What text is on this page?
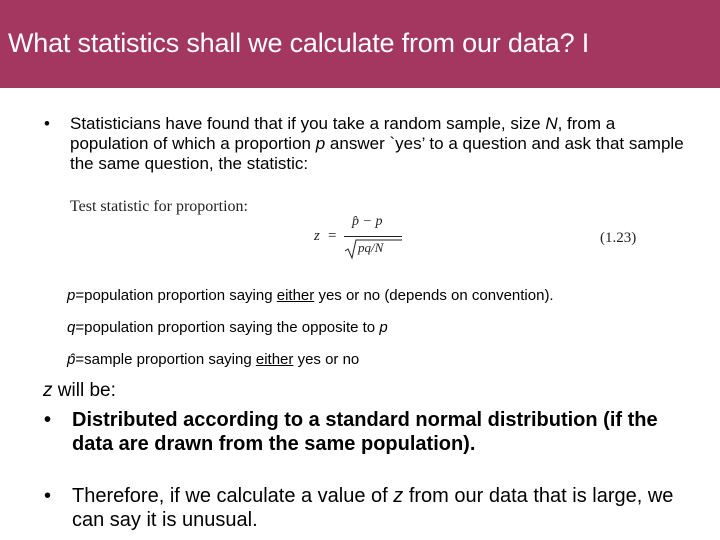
What statistics shall we calculate from our data? I
• Statisticians have found that if you take a random sample, size N, from a population of which a proportion p answer `yes’ to a question and ask that sample the same question, the statistic:
Test statistic for proportion:
z =
p̂ − p
pq/N
(1.23)
p=population proportion saying either yes or no (depends on convention).
q=population proportion saying the opposite to p
p̂=sample proportion saying either yes or no
z will be:
• Distributed according to a standard normal distribution (if the data are drawn from the same population).
• Therefore, if we calculate a value of z from our data that is large, we can say it is unusual.
